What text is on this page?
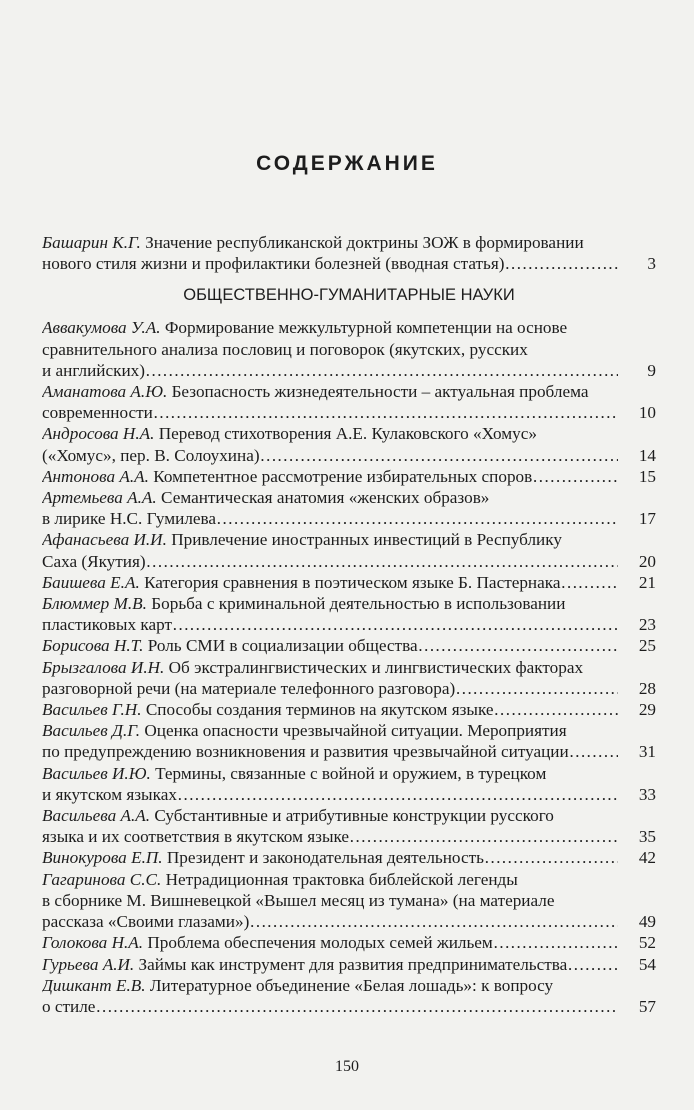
СОДЕРЖАНИЕ
Башарин К.Г. Значение республиканской доктрины ЗОЖ в формировании
нового стиля жизни и профилактики болезней (вводная статья) ……………………………………………………………………………………………………………………………………………	3
ОБЩЕСТВЕННО-ГУМАНИТАРНЫЕ НАУКИ
Аввакумова У.А. Формирование межкультурной компетенции на основе
сравнительного анализа пословиц и поговорок (якутских, русских
и английских) ……………………………………………………………………………………………………………………………………………	9
Аманатова А.Ю. Безопасность жизнедеятельности – актуальная проблема
современности ……………………………………………………………………………………………………………………………………………	10
Андросова Н.А. Перевод стихотворения А.Е. Кулаковского «Хомус»
(«Хомус», пер. В. Солоухина) ……………………………………………………………………………………………………………………………………………	14
Антонова А.А. Компетентное рассмотрение избирательных споров ……………………………………………………………………………………………………………………………………………	15
Артемьева А.А. Семантическая анатомия «женских образов»
в лирике Н.С. Гумилева ……………………………………………………………………………………………………………………………………………	17
Афанасьева И.И. Привлечение иностранных инвестиций в Республику
Саха (Якутия) ……………………………………………………………………………………………………………………………………………	20
Баишева Е.А. Категория сравнения в поэтическом языке Б. Пастернака ……………………………………………………………………………………………………………………………………………	21
Блюммер М.В. Борьба с криминальной деятельностью в использовании
пластиковых карт ……………………………………………………………………………………………………………………………………………	23
Борисова Н.Т. Роль СМИ в социализации общества ……………………………………………………………………………………………………………………………………………	25
Брызгалова И.Н. Об экстралингвистических и лингвистических факторах
разговорной речи (на материале телефонного разговора) ……………………………………………………………………………………………………………………………………………	28
Васильев Г.Н. Способы создания терминов на якутском языке ……………………………………………………………………………………………………………………………………………	29
Васильев Д.Г. Оценка опасности чрезвычайной ситуации. Мероприятия
по предупреждению возникновения и развития чрезвычайной ситуации ……………………………………………………………………………………………………………………………………………	31
Васильев И.Ю. Термины, связанные с войной и оружием, в турецком
и якутском языках ……………………………………………………………………………………………………………………………………………	33
Васильева А.А. Субстантивные и атрибутивные конструкции русского
языка и их соответствия в якутском языке ……………………………………………………………………………………………………………………………………………	35
Винокурова Е.П. Президент и законодательная деятельность ……………………………………………………………………………………………………………………………………………	42
Гагаринова С.С. Нетрадиционная трактовка библейской легенды
в сборнике М. Вишневецкой «Вышел месяц из тумана» (на материале
рассказа «Своими глазами») ……………………………………………………………………………………………………………………………………………	49
Голокова Н.А. Проблема обеспечения молодых семей жильем ……………………………………………………………………………………………………………………………………………	52
Гурьева А.И. Займы как инструмент для развития предпринимательства ……………………………………………………………………………………………………………………………………………	54
Дишкант Е.В. Литературное объединение «Белая лошадь»: к вопросу
о стиле ……………………………………………………………………………………………………………………………………………	57
150
